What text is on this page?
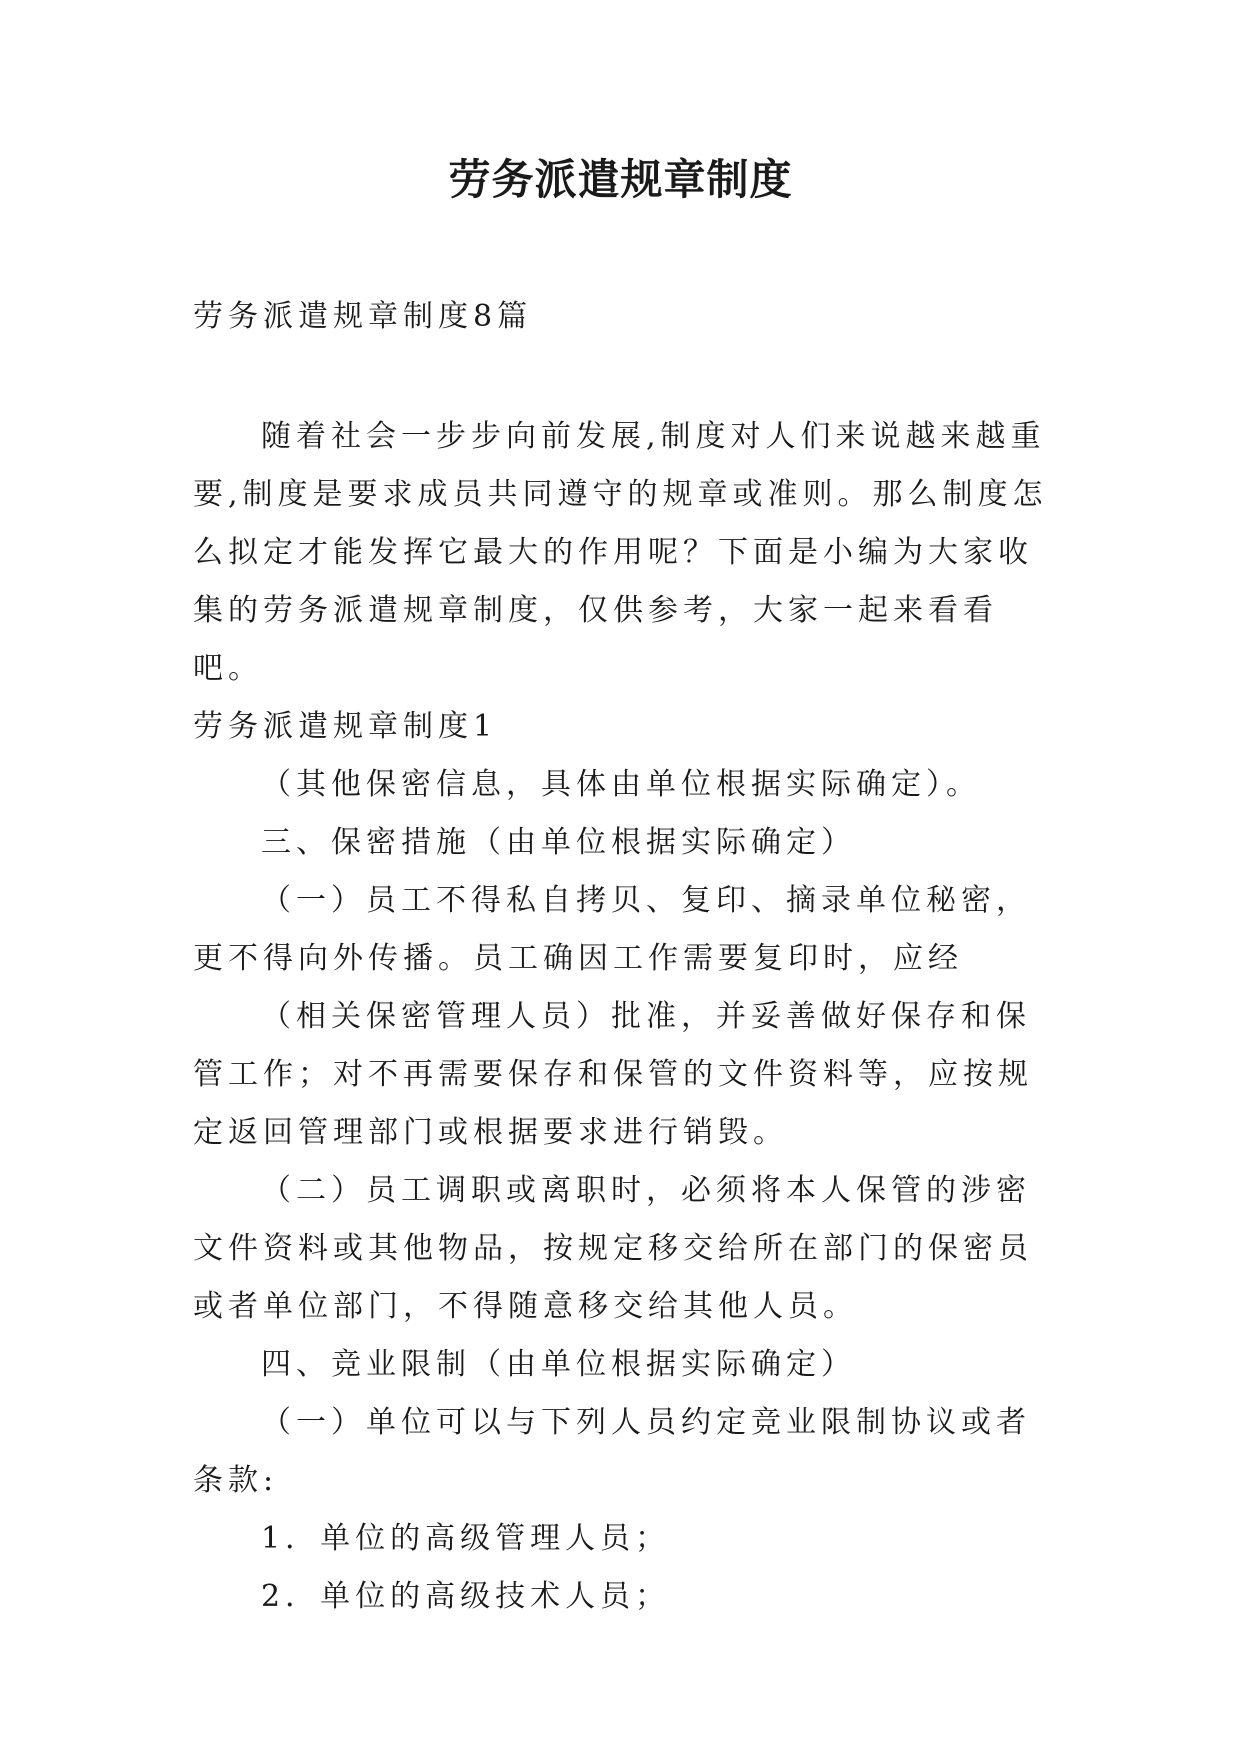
劳务派遣规章制度

劳务派遣规章制度8篇

随着社会一步步向前发展,制度对人们来说越来越重要,制度是要求成员共同遵守的规章或准则。那么制度怎么拟定才能发挥它最大的作用呢？下面是小编为大家收集的劳务派遣规章制度，仅供参考，大家一起来看看吧。

劳务派遣规章制度1

（其他保密信息，具体由单位根据实际确定）。

三、保密措施（由单位根据实际确定）

（一）员工不得私自拷贝、复印、摘录单位秘密，更不得向外传播。员工确因工作需要复印时，应经

（相关保密管理人员）批准，并妥善做好保存和保管工作；对不再需要保存和保管的文件资料等，应按规定返回管理部门或根据要求进行销毁。

（二）员工调职或离职时，必须将本人保管的涉密文件资料或其他物品，按规定移交给所在部门的保密员或者单位部门，不得随意移交给其他人员。

四、竞业限制（由单位根据实际确定）

（一）单位可以与下列人员约定竞业限制协议或者条款:

1．单位的高级管理人员；

2．单位的高级技术人员；
